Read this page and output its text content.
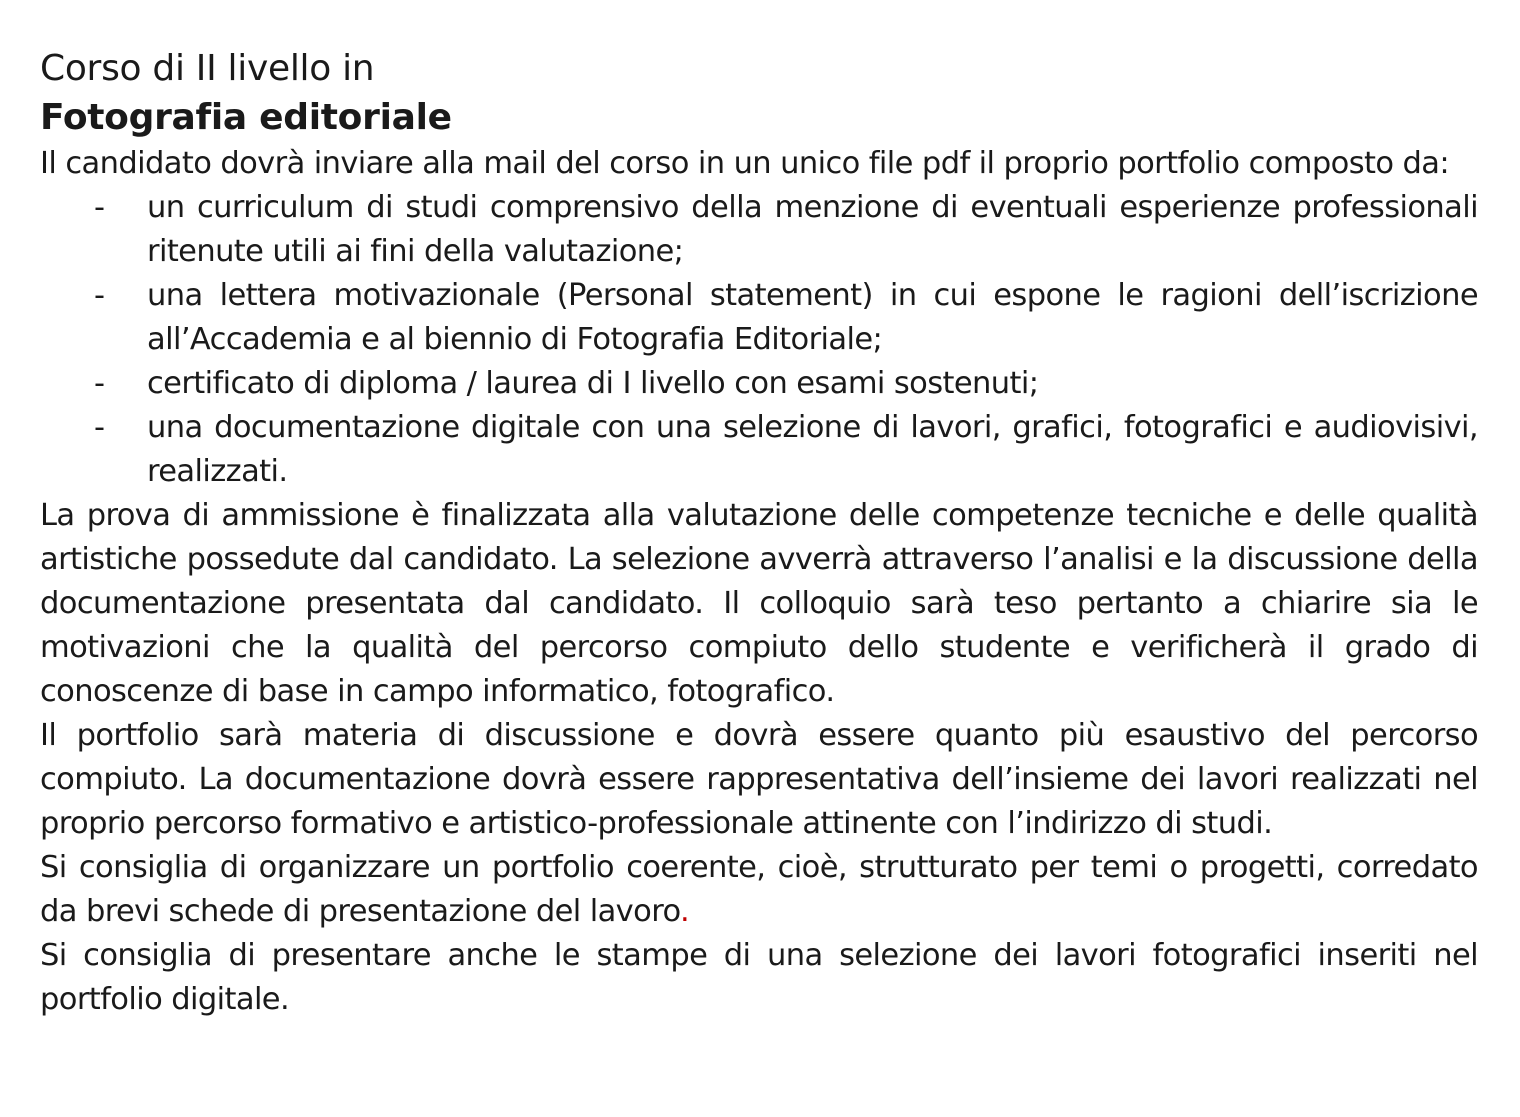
Corso di II livello in
Fotografia editoriale

Il candidato dovrà inviare alla mail del corso in un unico file pdf il proprio portfolio composto da:

- un curriculum di studi comprensivo della menzione di eventuali esperienze professionali ritenute utili ai fini della valutazione;
- una lettera motivazionale (Personal statement) in cui espone le ragioni dell’iscrizione all’Accademia e al biennio di Fotografia Editoriale;
- certificato di diploma / laurea di I livello con esami sostenuti;
- una documentazione digitale con una selezione di lavori, grafici, fotografici e audiovisivi, realizzati.

La prova di ammissione è finalizzata alla valutazione delle competenze tecniche e delle qualità artistiche possedute dal candidato. La selezione avverrà attraverso l’analisi e la discussione della documentazione presentata dal candidato. Il colloquio sarà teso pertanto a chiarire sia le motivazioni che la qualità del percorso compiuto dello studente e verificherà il grado di conoscenze di base in campo informatico, fotografico.

Il portfolio sarà materia di discussione e dovrà essere quanto più esaustivo del percorso compiuto. La documentazione dovrà essere rappresentativa dell’insieme dei lavori realizzati nel proprio percorso formativo e artistico-professionale attinente con l’indirizzo di studi.

Si consiglia di organizzare un portfolio coerente, cioè, strutturato per temi o progetti, corredato da brevi schede di presentazione del lavoro.

Si consiglia di presentare anche le stampe di una selezione dei lavori fotografici inseriti nel portfolio digitale.
